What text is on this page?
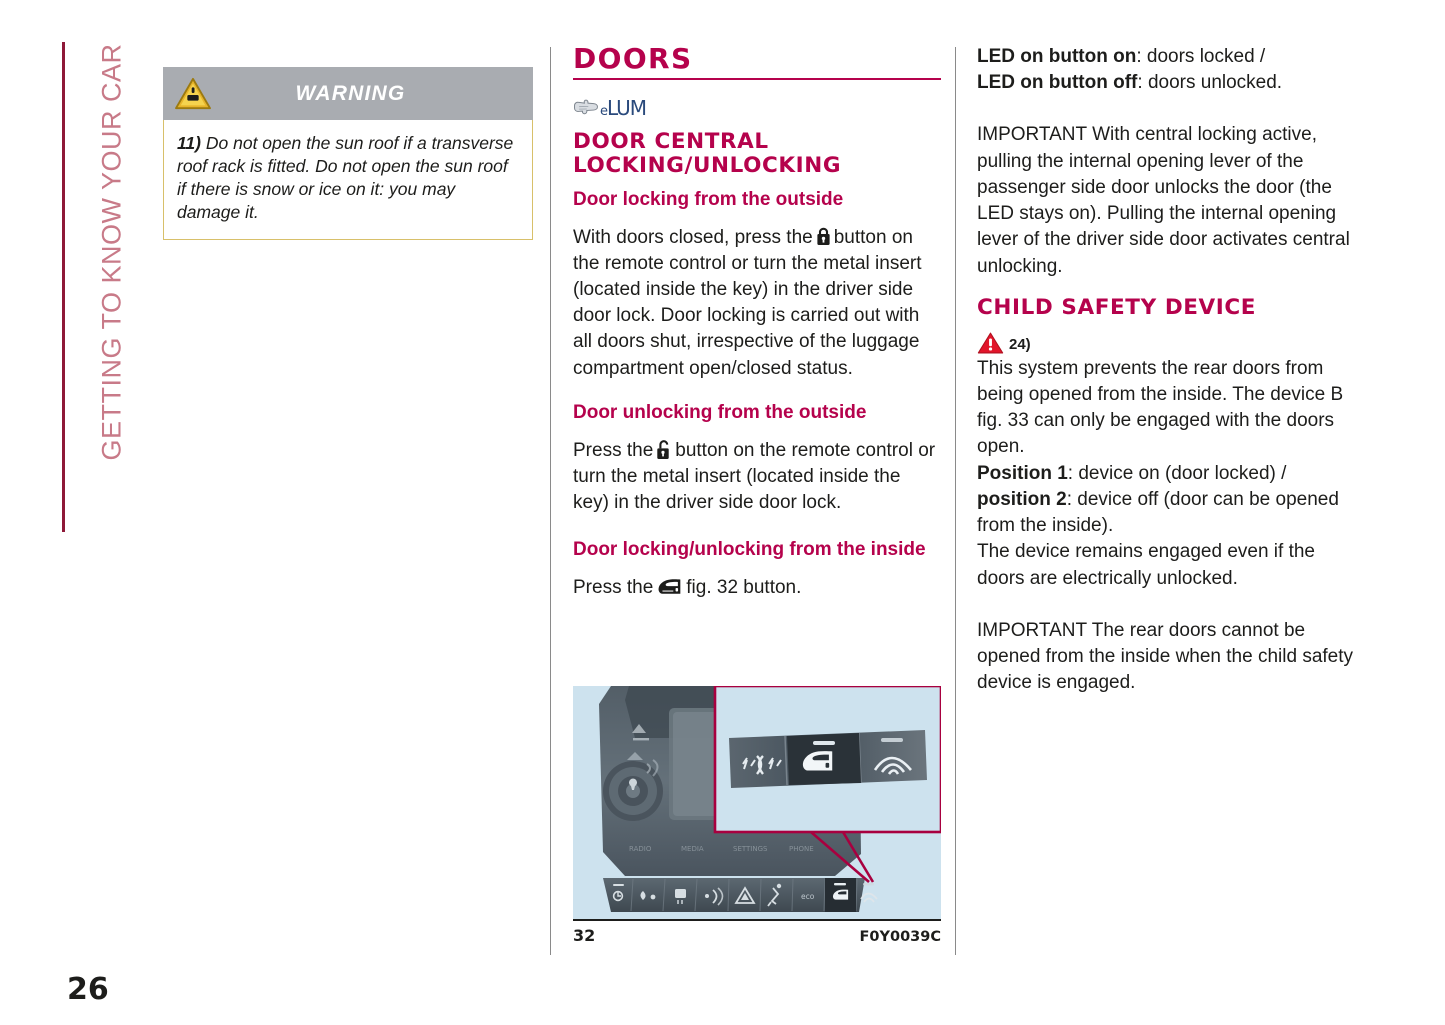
GETTING TO KNOW YOUR CAR	WARNING
11) Do not open the sun roof if a transverse roof rack is fitted. Do not open the sun roof if there is snow or ice on it: you may damage it.
DOORS
eLUM
DOOR CENTRAL LOCKING/UNLOCKING
Door locking from the outside

With doors closed, press the button on the remote control or turn the metal insert (located inside the key) in the driver side door lock. Door locking is carried out with all doors shut, irrespective of the luggage compartment open/closed status.

Door unlocking from the outside

Press the button on the remote control or turn the metal insert (located inside the key) in the driver side door lock.

Door locking/unlocking from the inside

Press the fig. 32 button.

RADIO	MEDIA	SETTINGS	PHONE
eco
32	F0Y0039C

LED on button on: doors locked /
LED on button off: doors unlocked.

IMPORTANT With central locking active, pulling the internal opening lever of the passenger side door unlocks the door (the LED stays on). Pulling the internal opening lever of the driver side door activates central unlocking.

CHILD SAFETY DEVICE
24)

This system prevents the rear doors from being opened from the inside. The device B fig. 33 can only be engaged with the doors open.

Position 1: device on (door locked) /
position 2: device off (door can be opened from the inside).

The device remains engaged even if the doors are electrically unlocked.

IMPORTANT The rear doors cannot be opened from the inside when the child safety device is engaged.

26
